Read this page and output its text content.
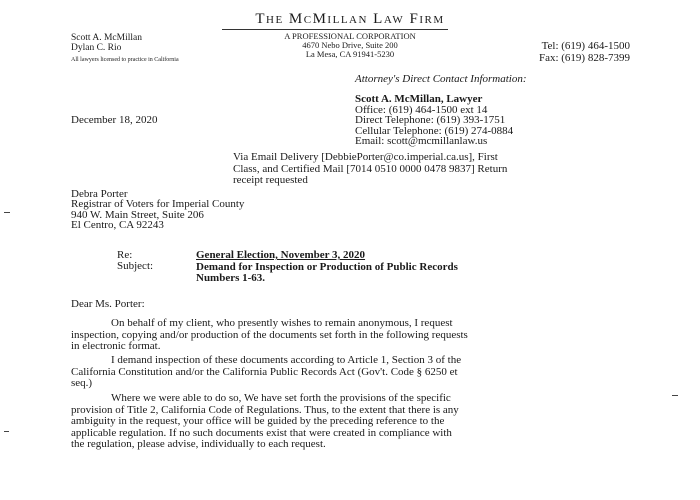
The McMillan Law Firm
A PROFESSIONAL CORPORATION
4670 Nebo Drive, Suite 200
La Mesa, CA 91941-5230
Scott A. McMillan
Dylan C. Rio
All lawyers licensed to practice in California
Tel: (619) 464-1500
Fax: (619) 828-7399
Attorney's Direct Contact Information:
Scott A. McMillan, Lawyer
Office: (619) 464-1500 ext 14
Direct Telephone: (619) 393-1751
Cellular Telephone: (619) 274-0884
Email: scott@mcmillanlaw.us
December 18, 2020
Via Email Delivery [DebbiePorter@co.imperial.ca.us], First
Class, and Certified Mail [7014 0510 0000 0478 9837] Return
receipt requested
Debra Porter
Registrar of Voters for Imperial County
940 W. Main Street, Suite 206
El Centro, CA 92243
Re:
Subject:
General Election, November 3, 2020
Demand for Inspection or Production of Public Records
Numbers 1-63.
Dear Ms. Porter:
On behalf of my client, who presently wishes to remain anonymous, I request
inspection, copying and/or production of the documents set forth in the following requests
in electronic format.
I demand inspection of these documents according to Article 1, Section 3 of the
California Constitution and/or the California Public Records Act (Gov't. Code § 6250 et
seq.)
Where we were able to do so, We have set forth the provisions of the specific
provision of Title 2, California Code of Regulations. Thus, to the extent that there is any
ambiguity in the request, your office will be guided by the preceding reference to the
applicable regulation. If no such documents exist that were created in compliance with
the regulation, please advise, individually to each request.
